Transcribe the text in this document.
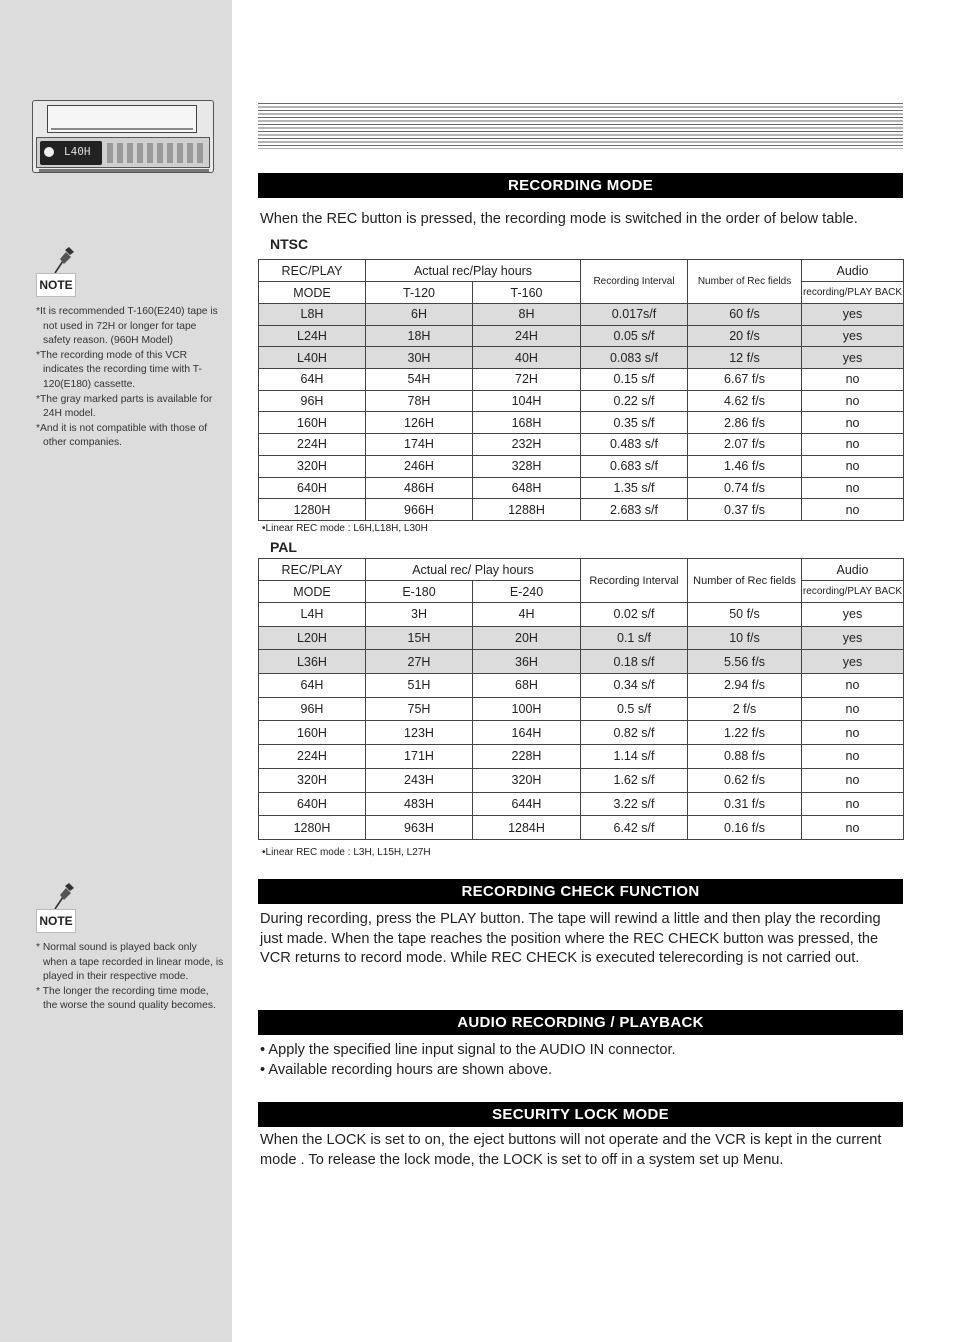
L40H
NOTE
*It is recommended T-160(E240) tape is not used in 72H or longer for tape safety reason. (960H Model)
*The recording mode of this VCR indicates the recording time with T-120(E180) cassette.
*The gray marked parts is available for 24H model.
*And it is not compatible with those of other companies.
NOTE
* Normal sound is played back only when a tape recorded in linear mode, is played in their respective mode.
* The longer the recording time mode, the worse the sound quality becomes.
RECORDING MODE
When the REC button is pressed, the recording mode is switched in the order of below table.
NTSC
REC/PLAY	Actual rec/Play hours		Recording Interval	Number of Rec fields	Audio
MODE	T-120	T-160			recording/PLAY BACK
L8H	6H	8H	0.017s/f	60 f/s	yes
L24H	18H	24H	0.05 s/f	20 f/s	yes
L40H	30H	40H	0.083 s/f	12 f/s	yes
64H	54H	72H	0.15 s/f	6.67 f/s	no
96H	78H	104H	0.22 s/f	4.62 f/s	no
160H	126H	168H	0.35 s/f	2.86 f/s	no
224H	174H	232H	0.483 s/f	2.07 f/s	no
320H	246H	328H	0.683 s/f	1.46 f/s	no
640H	486H	648H	1.35 s/f	0.74 f/s	no
1280H	966H	1288H	2.683 s/f	0.37 f/s	no
•Linear REC mode : L6H,L18H, L30H
PAL
REC/PLAY	Actual rec/ Play hours		Recording Interval	Number of Rec fields	Audio
MODE	E-180	E-240			recording/PLAY BACK
L4H	3H	4H	0.02 s/f	50 f/s	yes
L20H	15H	20H	0.1 s/f	10 f/s	yes
L36H	27H	36H	0.18 s/f	5.56 f/s	yes
64H	51H	68H	0.34 s/f	2.94 f/s	no
96H	75H	100H	0.5 s/f	2 f/s	no
160H	123H	164H	0.82 s/f	1.22 f/s	no
224H	171H	228H	1.14 s/f	0.88 f/s	no
320H	243H	320H	1.62 s/f	0.62 f/s	no
640H	483H	644H	3.22 s/f	0.31 f/s	no
1280H	963H	1284H	6.42 s/f	0.16 f/s	no
•Linear REC mode : L3H, L15H, L27H
RECORDING CHECK FUNCTION
During recording, press the PLAY button. The tape will rewind a little and then play the recording just made. When the tape reaches the position where the REC CHECK button was pressed, the VCR returns to record mode. While REC CHECK is executed telerecording is not carried out.
AUDIO RECORDING / PLAYBACK
• Apply the specified line input signal to the AUDIO IN connector.
• Available recording hours are shown above.
SECURITY LOCK MODE
When the LOCK is set to on, the eject buttons will not operate and the VCR is kept in the current mode . To release the lock mode, the LOCK is set to off in a system set up Menu.
